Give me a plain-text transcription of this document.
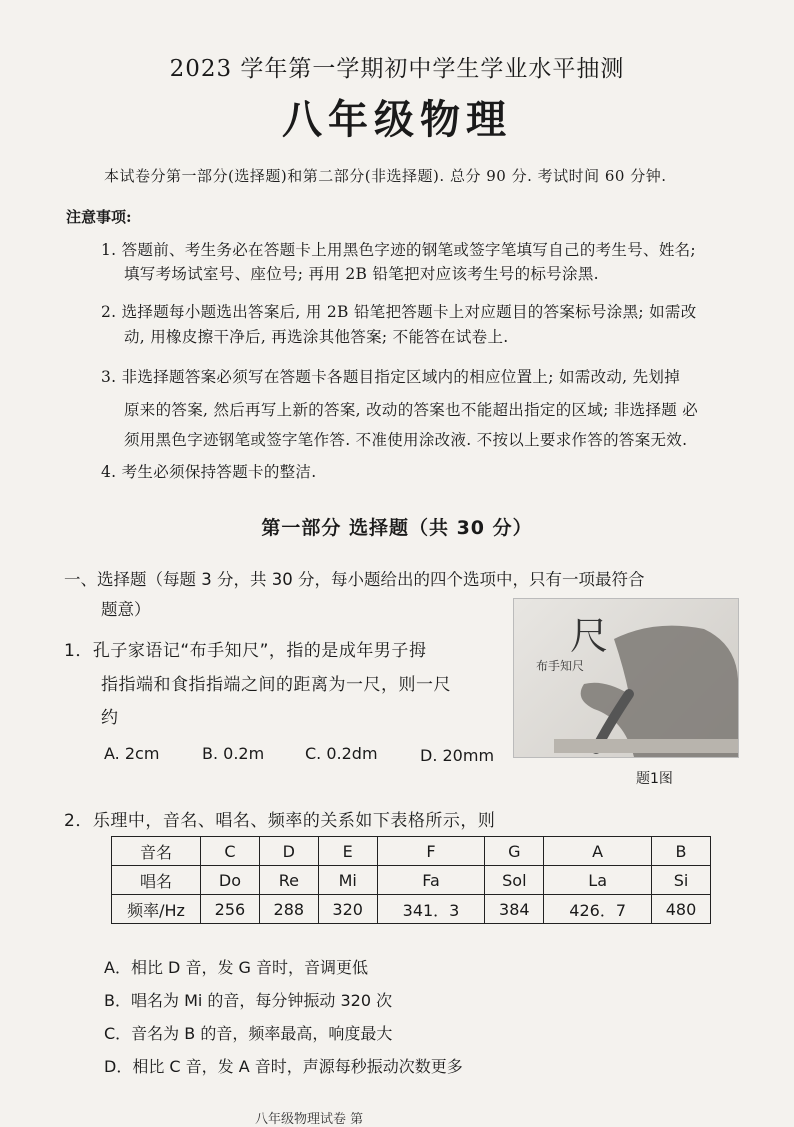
2023 学年第一学期初中学生学业水平抽测
八年级物理
本试卷分第一部分(选择题)和第二部分(非选择题). 总分 90 分. 考试时间 60 分钟.
注意事项:
1. 答题前、考生务必在答题卡上用黑色字迹的钢笔或签字笔填写自己的考生号、姓名;
填写考场试室号、座位号; 再用 2B 铅笔把对应该考生号的标号涂黑.
2. 选择题每小题选出答案后, 用 2B 铅笔把答题卡上对应题目的答案标号涂黑; 如需改
动, 用橡皮擦干净后, 再选涂其他答案; 不能答在试卷上.
3. 非选择题答案必须写在答题卡各题目指定区域内的相应位置上; 如需改动, 先划掉
原来的答案, 然后再写上新的答案, 改动的答案也不能超出指定的区域; 非选择题 必
须用黑色字迹钢笔或签字笔作答. 不准使用涂改液. 不按以上要求作答的答案无效.
4. 考生必须保持答题卡的整洁.
第一部分 选择题（共 30 分）
一、选择题（每题 3 分，共 30 分，每小题给出的四个选项中，只有一项最符合
题意）
1．孔子家语记“布手知尺”，指的是成年男子拇
指指端和食指指端之间的距离为一尺，则一尺
约
A. 2cm	B. 0.2m	C. 0.2dm	D. 20mm
尺
布手知尺
题1图
2．乐理中，音名、唱名、频率的关系如下表格所示，则
音名	C	D	E	F	G	A	B
唱名	Do	Re	Mi	Fa	Sol	La	Si
频率/Hz	256	288	320	341．3	384	426．7	480
A．相比 D 音，发 G 音时，音调更低
B．唱名为 Mi 的音，每分钟振动 320 次
C．音名为 B 的音，频率最高，响度最大
D．相比 C 音，发 A 音时，声源每秒振动次数更多
八年级物理试卷 第
